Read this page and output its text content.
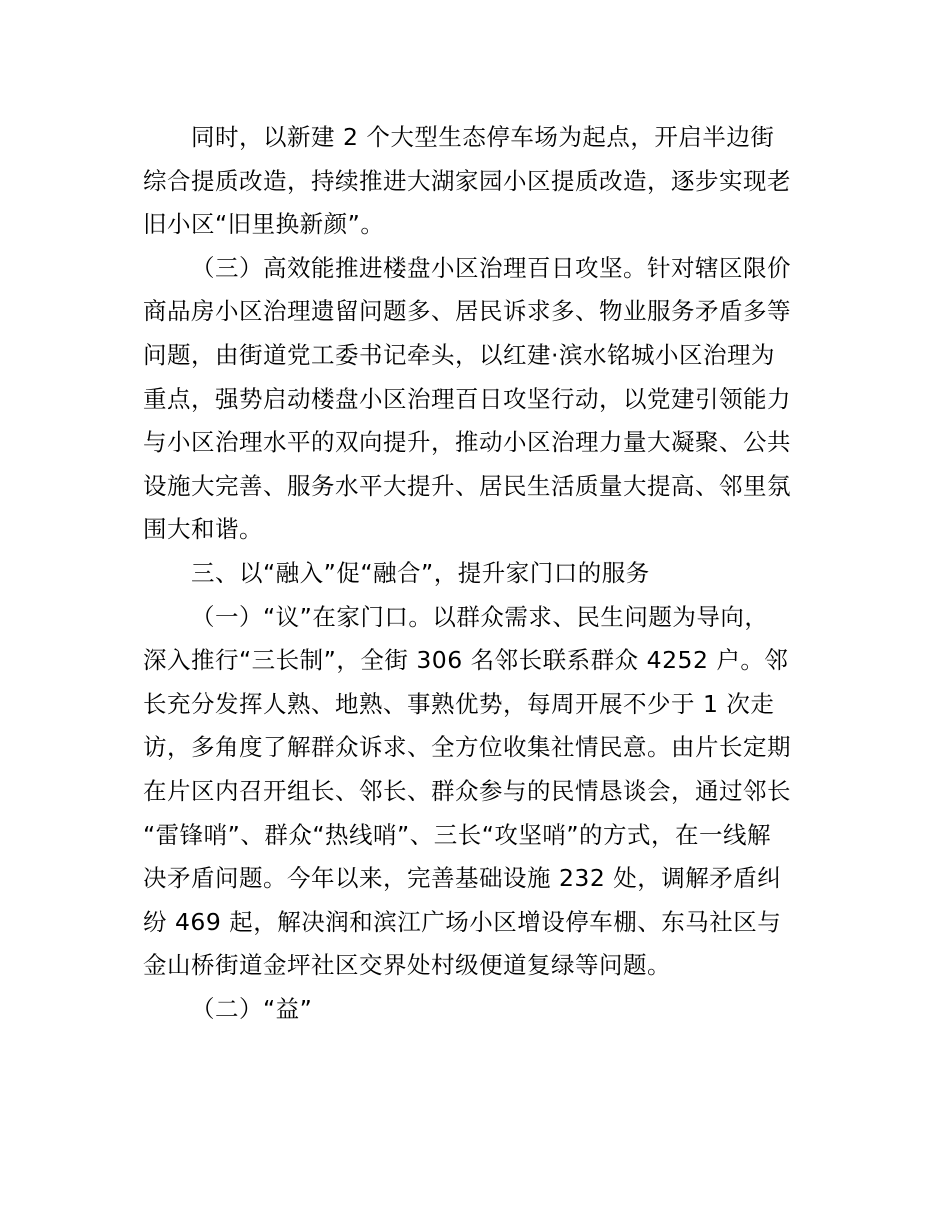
同时，以新建 2 个大型生态停车场为起点，开启半边街
综合提质改造，持续推进大湖家园小区提质改造，逐步实现老
旧小区“旧里换新颜”。

（三）高效能推进楼盘小区治理百日攻坚。针对辖区限价
商品房小区治理遗留问题多、居民诉求多、物业服务矛盾多等
问题，由街道党工委书记牵头，以红建·滨水铭城小区治理为
重点，强势启动楼盘小区治理百日攻坚行动，以党建引领能力
与小区治理水平的双向提升，推动小区治理力量大凝聚、公共
设施大完善、服务水平大提升、居民生活质量大提高、邻里氛
围大和谐。

三、以“融入”促“融合”，提升家门口的服务

（一）“议”在家门口。以群众需求、民生问题为导向，
深入推行“三长制”，全街 306 名邻长联系群众 4252 户。邻
长充分发挥人熟、地熟、事熟优势，每周开展不少于 1 次走
访，多角度了解群众诉求、全方位收集社情民意。由片长定期
在片区内召开组长、邻长、群众参与的民情恳谈会，通过邻长
“雷锋哨”、群众“热线哨”、三长“攻坚哨”的方式，在一线解
决矛盾问题。今年以来，完善基础设施 232 处，调解矛盾纠
纷 469 起，解决润和滨江广场小区增设停车棚、东马社区与
金山桥街道金坪社区交界处村级便道复绿等问题。

（二）“益”
